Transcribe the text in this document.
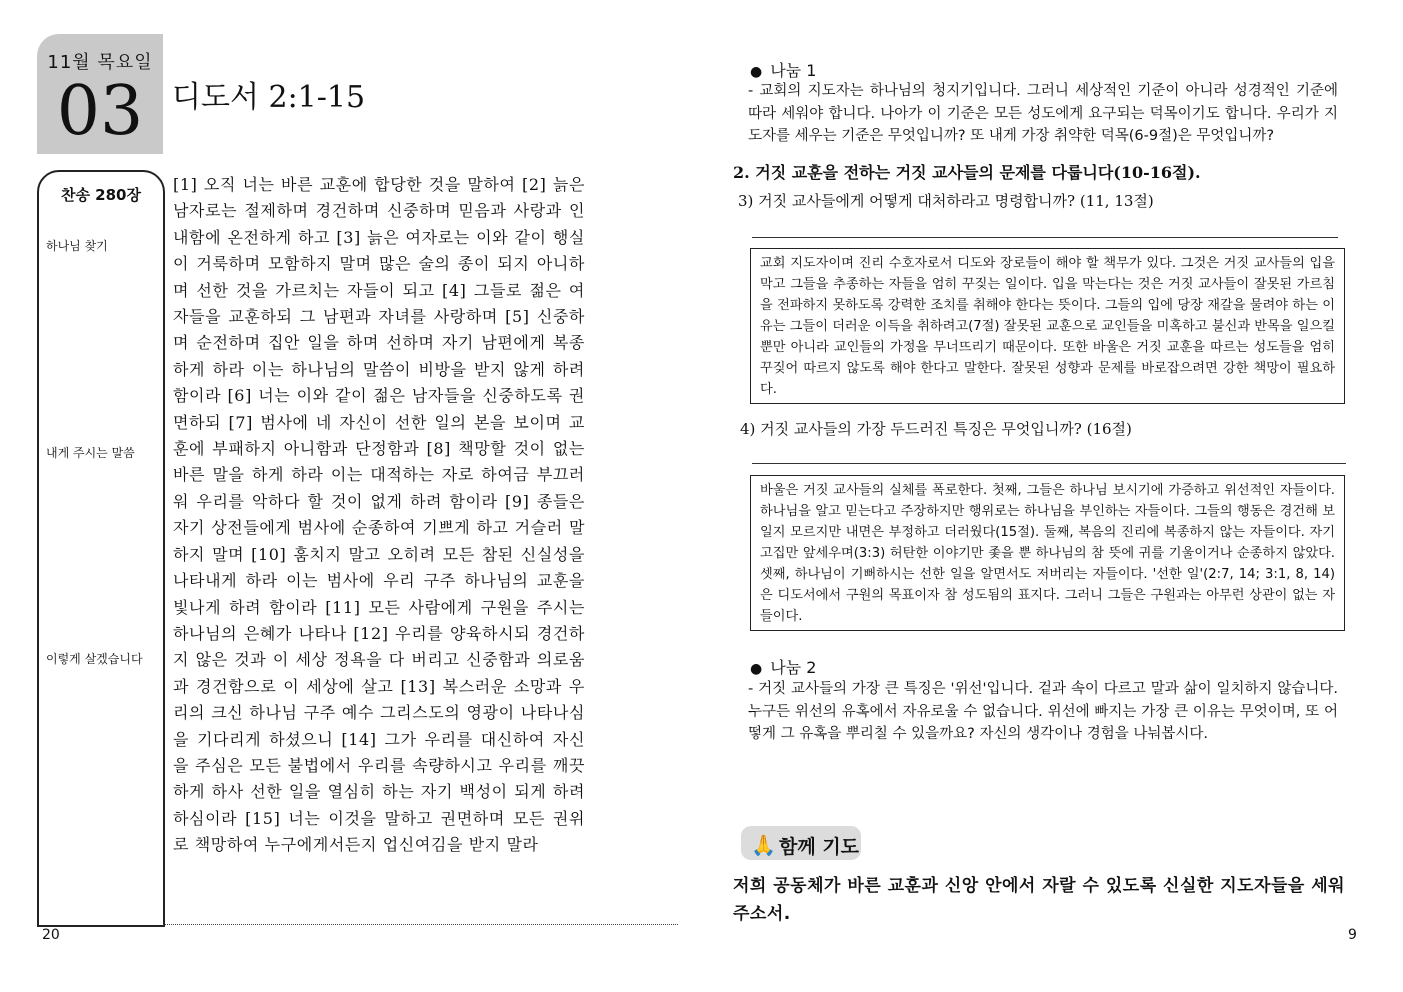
11월 목요일
03 디도서 2:1-15
찬송 280장
하나님 찾기
내게 주시는 말씀
이렇게 살겠습니다
[1] 오직 너는 바른 교훈에 합당한 것을 말하여 [2] 늙은 남자로는 절제하며 경건하며 신중하며 믿음과 사랑과 인내함에 온전하게 하고 [3] 늙은 여자로는 이와 같이 행실이 거룩하며 모함하지 말며 많은 술의 종이 되지 아니하며 선한 것을 가르치는 자들이 되고 [4] 그들로 젊은 여자들을 교훈하되 그 남편과 자녀를 사랑하며 [5] 신중하며 순전하며 집안 일을 하며 선하며 자기 남편에게 복종하게 하라 이는 하나님의 말씀이 비방을 받지 않게 하려 함이라 [6] 너는 이와 같이 젊은 남자들을 신중하도록 권면하되 [7] 범사에 네 자신이 선한 일의 본을 보이며 교훈에 부패하지 아니함과 단정함과 [8] 책망할 것이 없는 바른 말을 하게 하라 이는 대적하는 자로 하여금 부끄러워 우리를 악하다 할 것이 없게 하려 함이라 [9] 종들은 자기 상전들에게 범사에 순종하여 기쁘게 하고 거슬러 말하지 말며 [10] 훔치지 말고 오히려 모든 참된 신실성을 나타내게 하라 이는 범사에 우리 구주 하나님의 교훈을 빛나게 하려 함이라 [11] 모든 사람에게 구원을 주시는 하나님의 은혜가 나타나 [12] 우리를 양육하시되 경건하지 않은 것과 이 세상 정욕을 다 버리고 신중함과 의로움과 경건함으로 이 세상에 살고 [13] 복스러운 소망과 우리의 크신 하나님 구주 예수 그리스도의 영광이 나타나심을 기다리게 하셨으니 [14] 그가 우리를 대신하여 자신을 주심은 모든 불법에서 우리를 속량하시고 우리를 깨끗하게 하사 선한 일을 열심히 하는 자기 백성이 되게 하려 하심이라 [15] 너는 이것을 말하고 권면하며 모든 권위로 책망하여 누구에게서든지 업신여김을 받지 말라
20
● 나눔 1
- 교회의 지도자는 하나님의 청지기입니다. 그러니 세상적인 기준이 아니라 성경적인 기준에 따라 세워야 합니다. 나아가 이 기준은 모든 성도에게 요구되는 덕목이기도 합니다. 우리가 지도자를 세우는 기준은 무엇입니까? 또 내게 가장 취약한 덕목(6-9절)은 무엇입니까?
2. 거짓 교훈을 전하는 거짓 교사들의 문제를 다룹니다(10-16절).
3) 거짓 교사들에게 어떻게 대처하라고 명령합니까? (11, 13절)
교회 지도자이며 진리 수호자로서 디도와 장로들이 해야 할 책무가 있다. 그것은 거짓 교사들의 입을 막고 그들을 추종하는 자들을 엄히 꾸짖는 일이다. 입을 막는다는 것은 거짓 교사들이 잘못된 가르침을 전파하지 못하도록 강력한 조치를 취해야 한다는 뜻이다. 그들의 입에 당장 재갈을 물려야 하는 이유는 그들이 더러운 이득을 취하려고(7절) 잘못된 교훈으로 교인들을 미혹하고 불신과 반목을 일으킬 뿐만 아니라 교인들의 가정을 무너뜨리기 때문이다. 또한 바울은 거짓 교훈을 따르는 성도들을 엄히 꾸짖어 따르지 않도록 해야 한다고 말한다. 잘못된 성향과 문제를 바로잡으려면 강한 책망이 필요하다.
4) 거짓 교사들의 가장 두드러진 특징은 무엇입니까? (16절)
바울은 거짓 교사들의 실체를 폭로한다. 첫째, 그들은 하나님 보시기에 가증하고 위선적인 자들이다. 하나님을 알고 믿는다고 주장하지만 행위로는 하나님을 부인하는 자들이다. 그들의 행동은 경건해 보일지 모르지만 내면은 부정하고 더러웠다(15절). 둘째, 복음의 진리에 복종하지 않는 자들이다. 자기고집만 앞세우며(3:3) 허탄한 이야기만 좇을 뿐 하나님의 참 뜻에 귀를 기울이거나 순종하지 않았다. 셋째, 하나님이 기뻐하시는 선한 일을 알면서도 저버리는 자들이다. '선한 일'(2:7, 14; 3:1, 8, 14)은 디도서에서 구원의 목표이자 참 성도됨의 표지다. 그러니 그들은 구원과는 아무런 상관이 없는 자들이다.
● 나눔 2
- 거짓 교사들의 가장 큰 특징은 '위선'입니다. 겉과 속이 다르고 말과 삶이 일치하지 않습니다. 누구든 위선의 유혹에서 자유로울 수 없습니다. 위선에 빠지는 가장 큰 이유는 무엇이며, 또 어떻게 그 유혹을 뿌리칠 수 있을까요? 자신의 생각이나 경험을 나눠봅시다.
🙏 함께 기도
저희 공동체가 바른 교훈과 신앙 안에서 자랄 수 있도록 신실한 지도자들을 세워 주소서.
9
